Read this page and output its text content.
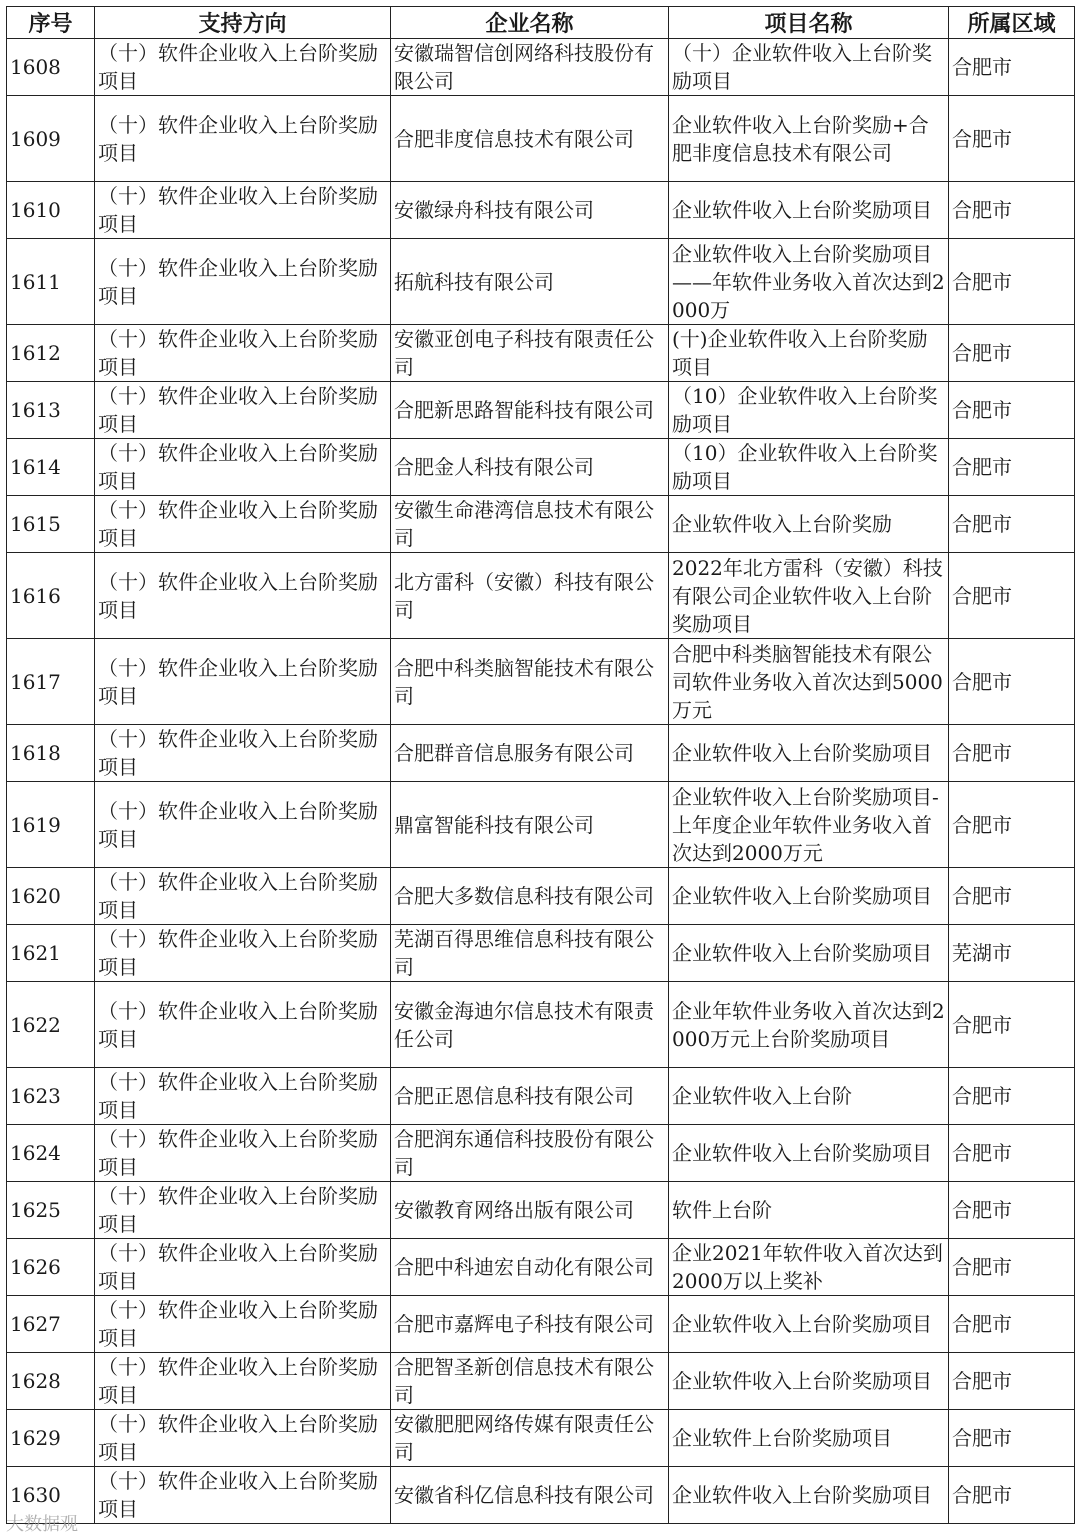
序号	支持方向	企业名称	项目名称	所属区域
1608	（十）软件企业收入上台阶奖励项目	安徽瑞智信创网络科技股份有限公司	（十）企业软件收入上台阶奖励项目	合肥市
1609	（十）软件企业收入上台阶奖励项目	合肥非度信息技术有限公司	企业软件收入上台阶奖励+合肥非度信息技术有限公司	合肥市
1610	（十）软件企业收入上台阶奖励项目	安徽绿舟科技有限公司	企业软件收入上台阶奖励项目	合肥市
1611	（十）软件企业收入上台阶奖励项目	拓航科技有限公司	企业软件收入上台阶奖励项目——年软件业务收入首次达到2000万	合肥市
1612	（十）软件企业收入上台阶奖励项目	安徽亚创电子科技有限责任公司	(十)企业软件收入上台阶奖励项目	合肥市
1613	（十）软件企业收入上台阶奖励项目	合肥新思路智能科技有限公司	（10）企业软件收入上台阶奖励项目	合肥市
1614	（十）软件企业收入上台阶奖励项目	合肥金人科技有限公司	（10）企业软件收入上台阶奖励项目	合肥市
1615	（十）软件企业收入上台阶奖励项目	安徽生命港湾信息技术有限公司	企业软件收入上台阶奖励	合肥市
1616	（十）软件企业收入上台阶奖励项目	北方雷科（安徽）科技有限公司	2022年北方雷科（安徽）科技有限公司企业软件收入上台阶奖励项目	合肥市
1617	（十）软件企业收入上台阶奖励项目	合肥中科类脑智能技术有限公司	合肥中科类脑智能技术有限公司软件业务收入首次达到5000万元	合肥市
1618	（十）软件企业收入上台阶奖励项目	合肥群音信息服务有限公司	企业软件收入上台阶奖励项目	合肥市
1619	（十）软件企业收入上台阶奖励项目	鼎富智能科技有限公司	企业软件收入上台阶奖励项目-上年度企业年软件业务收入首次达到2000万元	合肥市
1620	（十）软件企业收入上台阶奖励项目	合肥大多数信息科技有限公司	企业软件收入上台阶奖励项目	合肥市
1621	（十）软件企业收入上台阶奖励项目	芜湖百得思维信息科技有限公司	企业软件收入上台阶奖励项目	芜湖市
1622	（十）软件企业收入上台阶奖励项目	安徽金海迪尔信息技术有限责任公司	企业年软件业务收入首次达到2000万元上台阶奖励项目	合肥市
1623	（十）软件企业收入上台阶奖励项目	合肥正恩信息科技有限公司	企业软件收入上台阶	合肥市
1624	（十）软件企业收入上台阶奖励项目	合肥润东通信科技股份有限公司	企业软件收入上台阶奖励项目	合肥市
1625	（十）软件企业收入上台阶奖励项目	安徽教育网络出版有限公司	软件上台阶	合肥市
1626	（十）软件企业收入上台阶奖励项目	合肥中科迪宏自动化有限公司	企业2021年软件收入首次达到2000万以上奖补	合肥市
1627	（十）软件企业收入上台阶奖励项目	合肥市嘉辉电子科技有限公司	企业软件收入上台阶奖励项目	合肥市
1628	（十）软件企业收入上台阶奖励项目	合肥智圣新创信息技术有限公司	企业软件收入上台阶奖励项目	合肥市
1629	（十）软件企业收入上台阶奖励项目	安徽肥肥网络传媒有限责任公司	企业软件上台阶奖励项目	合肥市
1630	（十）软件企业收入上台阶奖励项目	安徽省科亿信息科技有限公司	企业软件收入上台阶奖励项目	合肥市
大数据观
